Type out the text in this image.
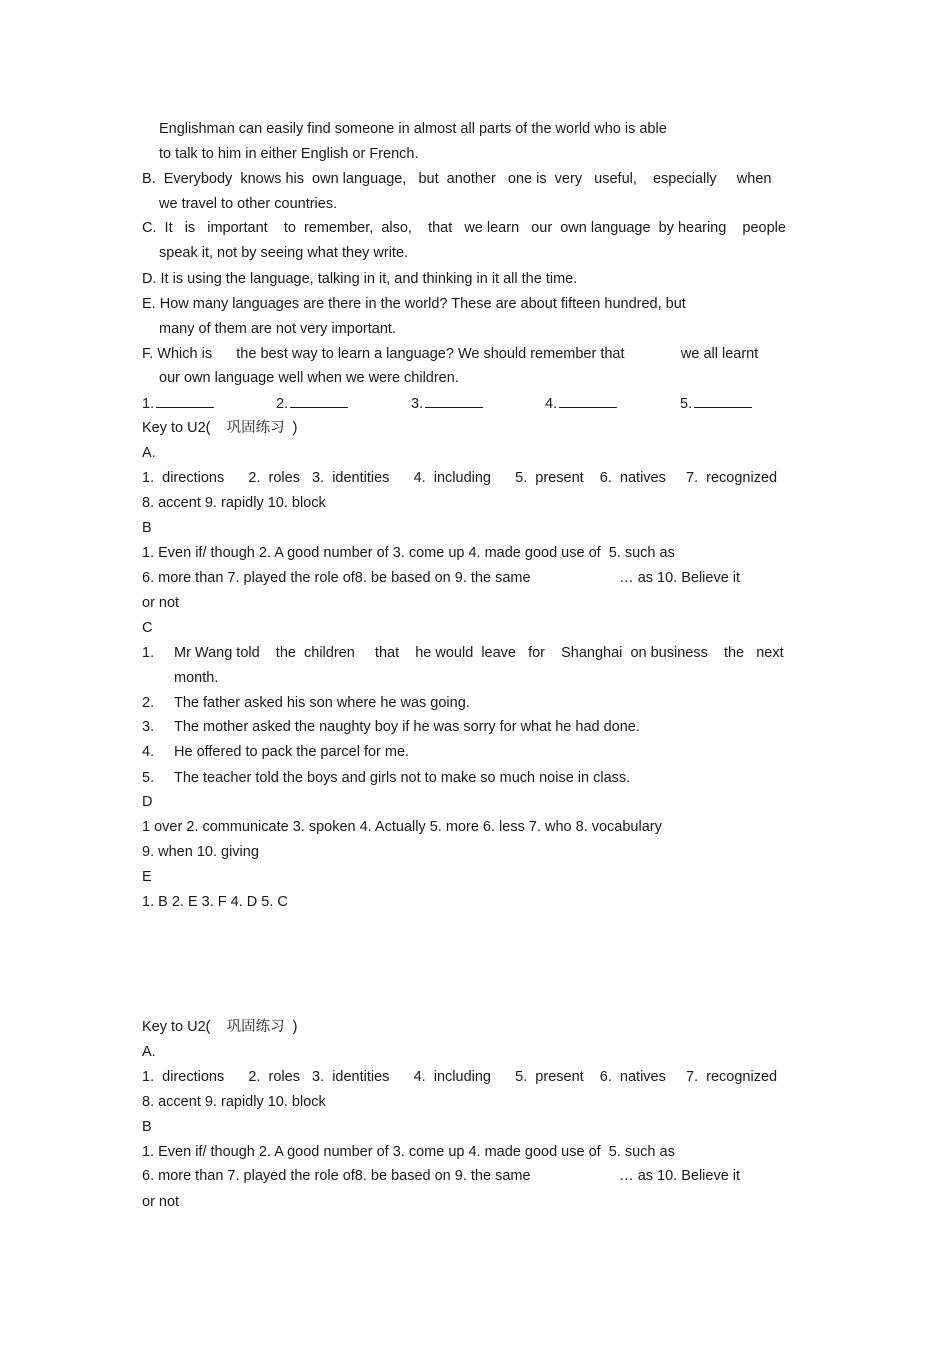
Englishman can easily find someone in almost all parts of the world who is able
to talk to him in either English or French.
B.  Everybody  knows his  own language,   but  another   one is  very   useful,    especially     when
we travel to other countries.
C.  It   is   important    to  remember,  also,    that   we learn   our  own language  by hearing    people
speak it, not by seeing what they write.
D. It is using the language, talking in it, and thinking in it all the time.
E. How many languages are there in the world? These are about fifteen hundred, but
many of them are not very important.
F. Which is      the best way to learn a language? We should remember that              we all learnt
our own language well when we were children.
1.	2.	3.	4.	5.
Key to U2(    巩固练习  )
A.
1.  directions      2.  roles   3.  identities      4.  including      5.  present    6.  natives     7.  recognized
8. accent 9. rapidly 10. block
B
1. Even if/ though 2. A good number of 3. come up 4. made good use of  5. such as
6. more than 7. played the role of8. be based on 9. the same                      … as 10. Believe it
or not
C
1. Mr Wang told    the  children     that    he would  leave   for    Shanghai  on business    the   next
month.
2. The father asked his son where he was going.
3. The mother asked the naughty boy if he was sorry for what he had done.
4. He offered to pack the parcel for me.
5. The teacher told the boys and girls not to make so much noise in class.
D
1 over 2. communicate 3. spoken 4. Actually 5. more 6. less 7. who 8. vocabulary
9. when 10. giving
E
1. B 2. E 3. F 4. D 5. C
Key to U2(    巩固练习  )
A.
1.  directions      2.  roles   3.  identities      4.  including      5.  present    6.  natives     7.  recognized
8. accent 9. rapidly 10. block
B
1. Even if/ though 2. A good number of 3. come up 4. made good use of  5. such as
6. more than 7. played the role of8. be based on 9. the same                      … as 10. Believe it
or not
